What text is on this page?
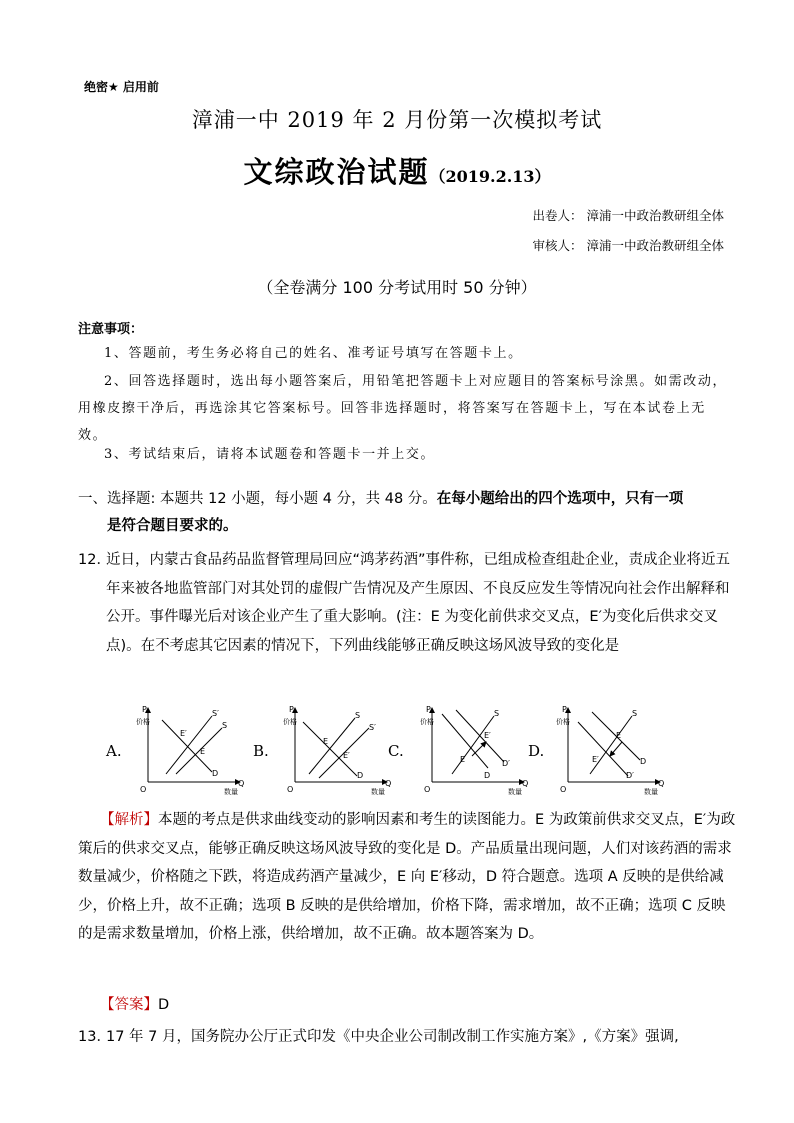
绝密★ 启用前
漳浦一中 2019 年 2 月份第一次模拟考试
文综政治试题（2019.2.13）
出卷人： 漳浦一中政治教研组全体
审核人： 漳浦一中政治教研组全体
（全卷满分 100 分考试用时 50 分钟）
注意事项：
1、答题前，考生务必将自己的姓名、准考证号填写在答题卡上。
2、回答选择题时，选出每小题答案后，用铅笔把答题卡上对应题目的答案标号涂黑。如需改动，用橡皮擦干净后，再选涂其它答案标号。回答非选择题时，将答案写在答题卡上，写在本试卷上无效。
3、考试结束后，请将本试题卷和答题卡一并上交。
一、选择题: 本题共 12 小题，每小题 4 分，共 48 分。在每小题给出的四个选项中，只有一项
是符合题目要求的。
12．
近日，内蒙古食品药品监督管理局回应“鸿茅药酒”事件称，已组成检查组赴企业，责成企业将近五年来被各地监管部门对其处罚的虚假广告情况及产生原因、不良反应发生等情况向社会作出解释和公开。事件曝光后对该企业产生了重大影响。(注：E 为变化前供求交叉点，E′为变化后供求交叉点)。在不考虑其它因素的情况下，下列曲线能够正确反映这场风波导致的变化是
A.
P
价格
O
Q
数量
S′
S
E′
E
D
B.
P
价格
O
Q
数量
S
S′
E
E′
D
C.
P
价格
O
Q
数量
S
E′
E
D
D′
D.
P
价格
O
Q
数量
S
E
E′	D
D′
【解析】本题的考点是供求曲线变动的影响因素和考生的读图能力。E 为政策前供求交叉点，E′为政策后的供求交叉点，能够正确反映这场风波导致的变化是 D。产品质量出现问题，人们对该药酒的需求数量减少，价格随之下跌，将造成药酒产量减少，E 向 E′移动，D 符合题意。选项 A 反映的是供给减少，价格上升，故不正确；选项 B 反映的是供给增加，价格下降，需求增加，故不正确；选项 C 反映的是需求数量增加，价格上涨，供给增加，故不正确。故本题答案为 D。
【答案】D
13．17 年 7 月，国务院办公厅正式印发《中央企业公司制改制工作实施方案》,《方案》强调,
